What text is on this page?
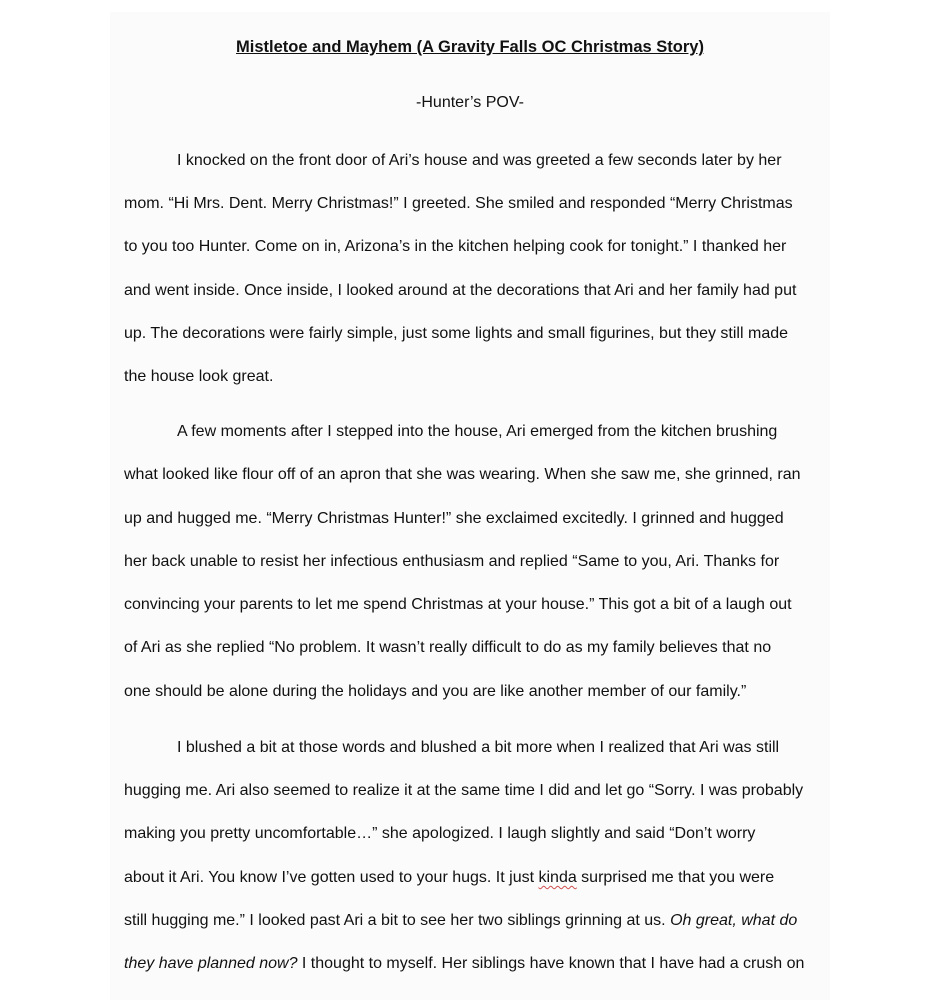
Mistletoe and Mayhem (A Gravity Falls OC Christmas Story)
-Hunter’s POV-
I knocked on the front door of Ari’s house and was greeted a few seconds later by her
mom. “Hi Mrs. Dent. Merry Christmas!” I greeted. She smiled and responded “Merry Christmas
to you too Hunter. Come on in, Arizona’s in the kitchen helping cook for tonight.” I thanked her
and went inside. Once inside, I looked around at the decorations that Ari and her family had put
up. The decorations were fairly simple, just some lights and small figurines, but they still made
the house look great.
A few moments after I stepped into the house, Ari emerged from the kitchen brushing
what looked like flour off of an apron that she was wearing. When she saw me, she grinned, ran
up and hugged me. “Merry Christmas Hunter!” she exclaimed excitedly. I grinned and hugged
her back unable to resist her infectious enthusiasm and replied “Same to you, Ari. Thanks for
convincing your parents to let me spend Christmas at your house.” This got a bit of a laugh out
of Ari as she replied “No problem. It wasn’t really difficult to do as my family believes that no
one should be alone during the holidays and you are like another member of our family.”
I blushed a bit at those words and blushed a bit more when I realized that Ari was still
hugging me. Ari also seemed to realize it at the same time I did and let go “Sorry. I was probably
making you pretty uncomfortable…” she apologized. I laugh slightly and said “Don’t worry
about it Ari. You know I’ve gotten used to your hugs. It just kinda surprised me that you were
still hugging me.” I looked past Ari a bit to see her two siblings grinning at us. Oh great, what do
they have planned now? I thought to myself. Her siblings have known that I have had a crush on
